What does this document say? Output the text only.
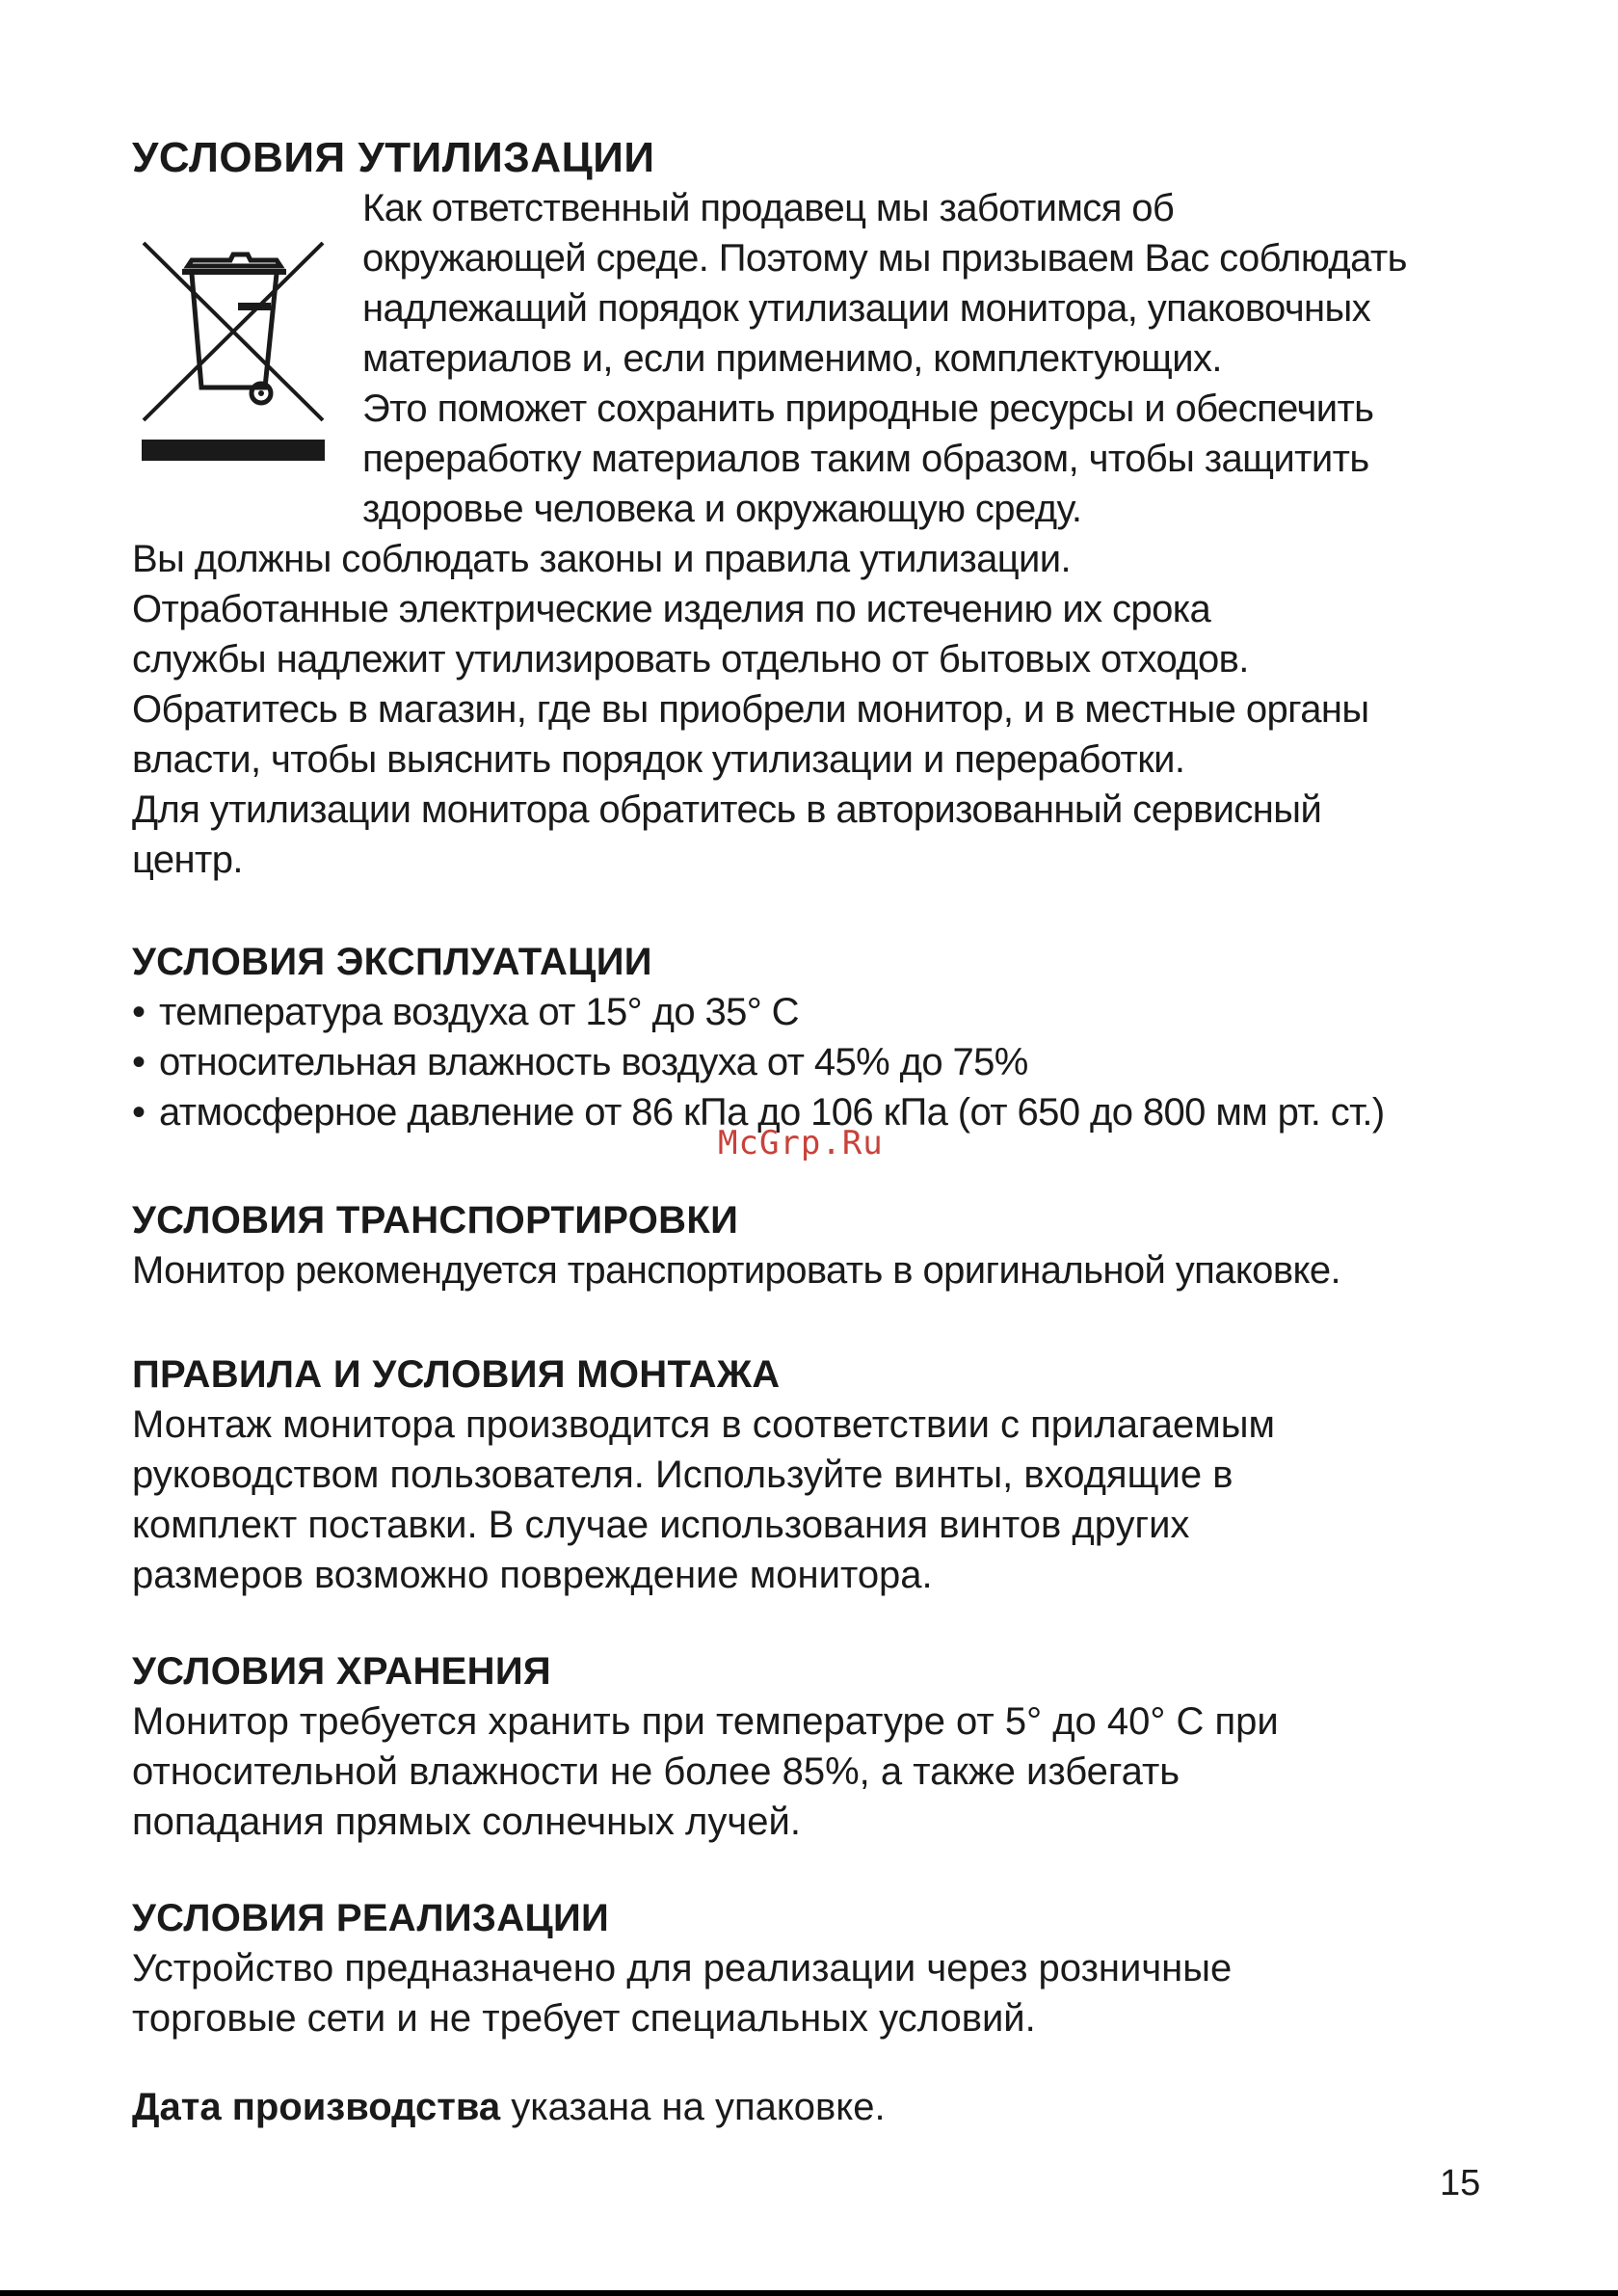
УСЛОВИЯ УТИЛИЗАЦИИ
Как ответственный продавец мы заботимся об
окружающей среде. Поэтому мы призываем Вас соблюдать
надлежащий порядок утилизации монитора, упаковочных
материалов и, если применимо, комплектующих.
Это поможет сохранить природные ресурсы и обеспечить
переработку материалов таким образом, чтобы защитить
здоровье человека и окружающую среду.
Вы должны соблюдать законы и правила утилизации.
Отработанные электрические изделия по истечению их срока
службы надлежит утилизировать отдельно от бытовых отходов.
Обратитесь в магазин, где вы приобрели монитор, и в местные органы
власти, чтобы выяснить порядок утилизации и переработки.
Для утилизации монитора обратитесь в авторизованный сервисный
центр.
УСЛОВИЯ ЭКСПЛУАТАЦИИ
• температура воздуха от 15° до 35° С
• относительная влажность воздуха от 45% до 75%
• атмосферное давление от 86 кПа до 106 кПа (от 650 до 800 мм рт. ст.)
УСЛОВИЯ ТРАНСПОРТИРОВКИ
Монитор рекомендуется транспортировать в оригинальной упаковке.
ПРАВИЛА И УСЛОВИЯ МОНТАЖА
Монтаж монитора производится в соответствии с прилагаемым
руководством пользователя. Используйте винты, входящие в
комплект поставки. В случае использования винтов других
размеров возможно повреждение монитора.
УСЛОВИЯ ХРАНЕНИЯ
Монитор требуется хранить при температуре от 5° до 40° С при
относительной влажности не более 85%, а также избегать
попадания прямых солнечных лучей.
УСЛОВИЯ РЕАЛИЗАЦИИ
Устройство предназначено для реализации через розничные
торговые сети и не требует специальных условий.
Дата производства указана на упаковке.
McGrp.Ru
15
